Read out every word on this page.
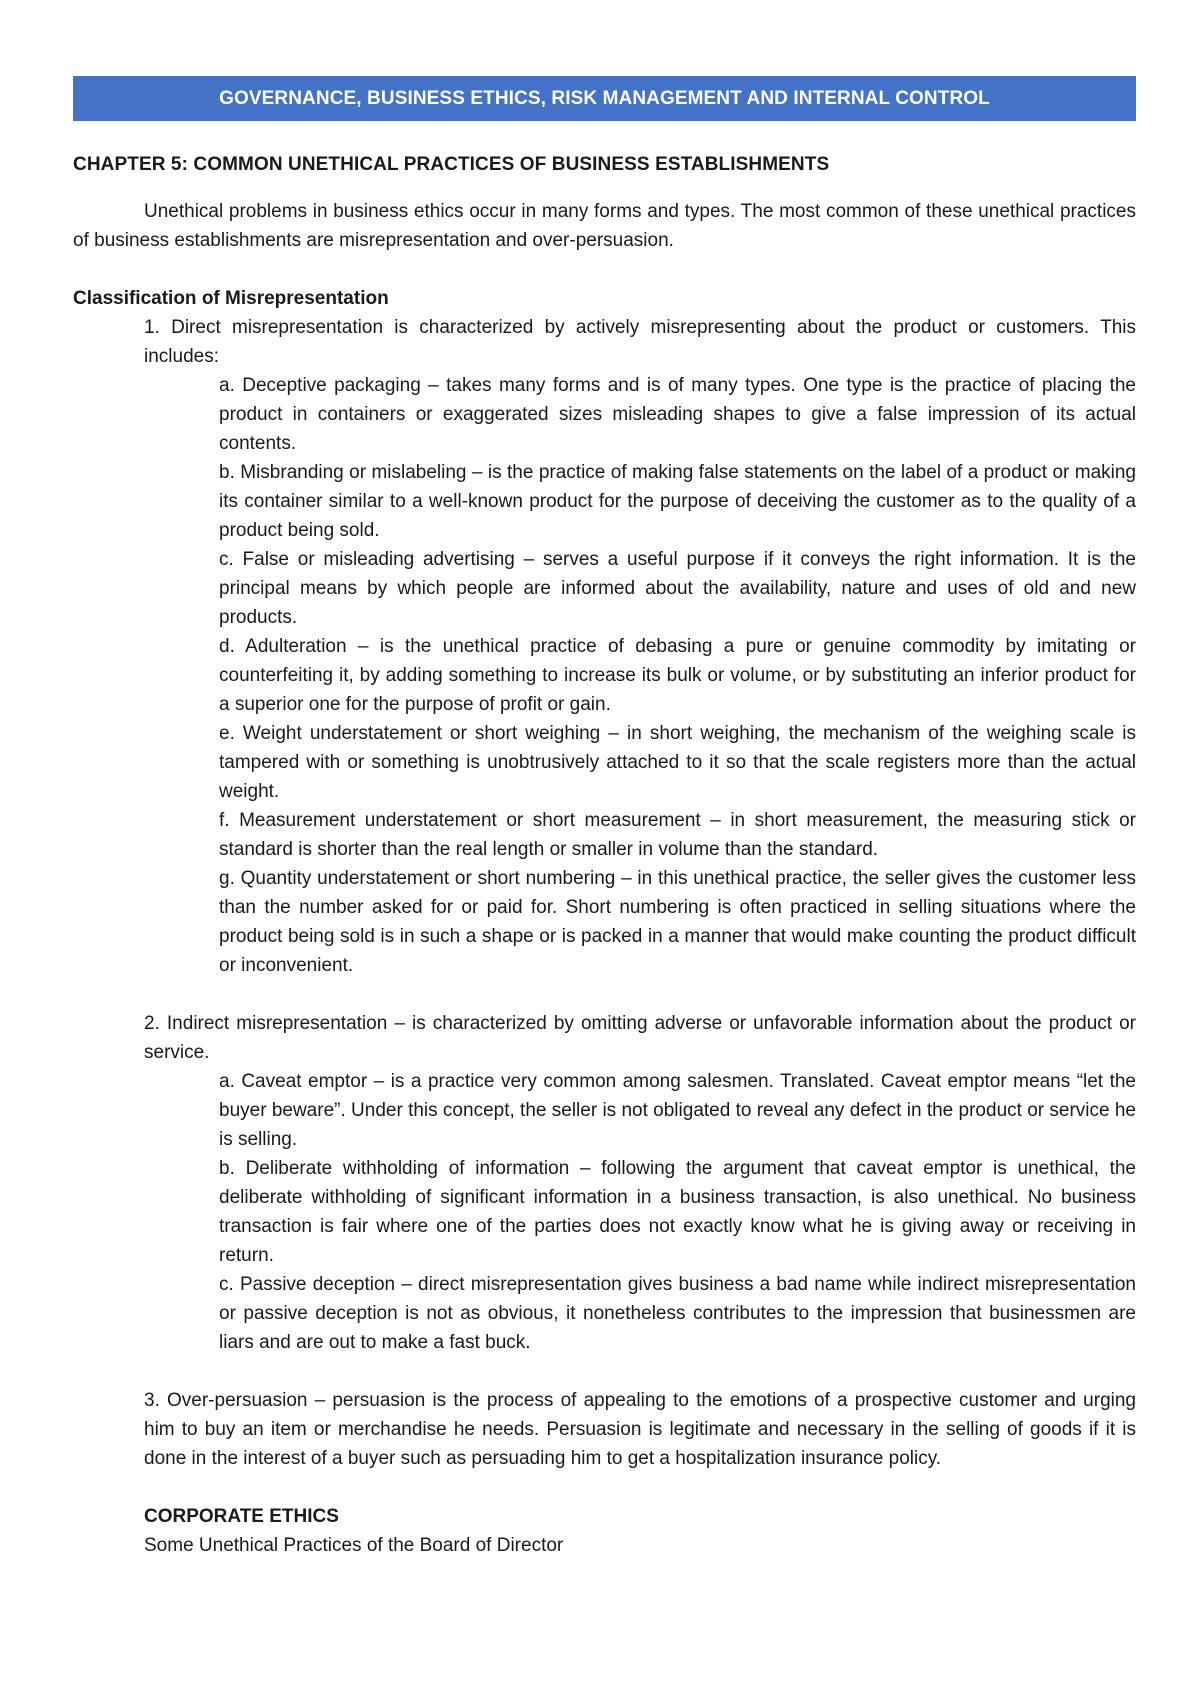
GOVERNANCE, BUSINESS ETHICS, RISK MANAGEMENT AND INTERNAL CONTROL
CHAPTER 5: COMMON UNETHICAL PRACTICES OF BUSINESS ESTABLISHMENTS

Unethical problems in business ethics occur in many forms and types. The most common of these unethical practices of business establishments are misrepresentation and over-persuasion.

Classification of Misrepresentation

1. Direct misrepresentation is characterized by actively misrepresenting about the product or customers. This includes:

a. Deceptive packaging – takes many forms and is of many types. One type is the practice of placing the product in containers or exaggerated sizes misleading shapes to give a false impression of its actual contents.

b. Misbranding or mislabeling – is the practice of making false statements on the label of a product or making its container similar to a well-known product for the purpose of deceiving the customer as to the quality of a product being sold.

c. False or misleading advertising – serves a useful purpose if it conveys the right information. It is the principal means by which people are informed about the availability, nature and uses of old and new products.

d. Adulteration – is the unethical practice of debasing a pure or genuine commodity by imitating or counterfeiting it, by adding something to increase its bulk or volume, or by substituting an inferior product for a superior one for the purpose of profit or gain.

e. Weight understatement or short weighing – in short weighing, the mechanism of the weighing scale is tampered with or something is unobtrusively attached to it so that the scale registers more than the actual weight.

f. Measurement understatement or short measurement – in short measurement, the measuring stick or standard is shorter than the real length or smaller in volume than the standard.

g. Quantity understatement or short numbering – in this unethical practice, the seller gives the customer less than the number asked for or paid for. Short numbering is often practiced in selling situations where the product being sold is in such a shape or is packed in a manner that would make counting the product difficult or inconvenient.

2. Indirect misrepresentation – is characterized by omitting adverse or unfavorable information about the product or service.

a. Caveat emptor – is a practice very common among salesmen. Translated. Caveat emptor means “let the buyer beware”. Under this concept, the seller is not obligated to reveal any defect in the product or service he is selling.

b. Deliberate withholding of information – following the argument that caveat emptor is unethical, the deliberate withholding of significant information in a business transaction, is also unethical. No business transaction is fair where one of the parties does not exactly know what he is giving away or receiving in return.

c. Passive deception – direct misrepresentation gives business a bad name while indirect misrepresentation or passive deception is not as obvious, it nonetheless contributes to the impression that businessmen are liars and are out to make a fast buck.

3. Over-persuasion – persuasion is the process of appealing to the emotions of a prospective customer and urging him to buy an item or merchandise he needs. Persuasion is legitimate and necessary in the selling of goods if it is done in the interest of a buyer such as persuading him to get a hospitalization insurance policy.

CORPORATE ETHICS
Some Unethical Practices of the Board of Director
